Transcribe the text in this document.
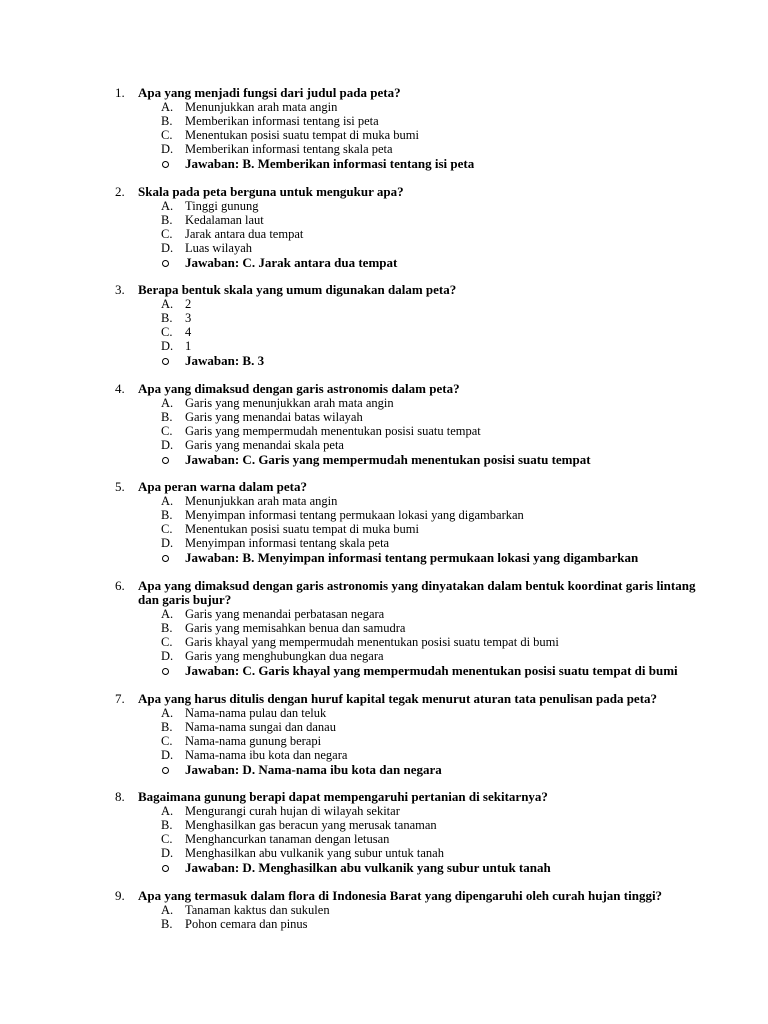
1. Apa yang menjadi fungsi dari judul pada peta?
A. Menunjukkan arah mata angin
B. Memberikan informasi tentang isi peta
C. Menentukan posisi suatu tempat di muka bumi
D. Memberikan informasi tentang skala peta
Jawaban: B. Memberikan informasi tentang isi peta
2. Skala pada peta berguna untuk mengukur apa?
A. Tinggi gunung
B. Kedalaman laut
C. Jarak antara dua tempat
D. Luas wilayah
Jawaban: C. Jarak antara dua tempat
3. Berapa bentuk skala yang umum digunakan dalam peta?
A. 2
B. 3
C. 4
D. 1
Jawaban: B. 3
4. Apa yang dimaksud dengan garis astronomis dalam peta?
A. Garis yang menunjukkan arah mata angin
B. Garis yang menandai batas wilayah
C. Garis yang mempermudah menentukan posisi suatu tempat
D. Garis yang menandai skala peta
Jawaban: C. Garis yang mempermudah menentukan posisi suatu tempat
5. Apa peran warna dalam peta?
A. Menunjukkan arah mata angin
B. Menyimpan informasi tentang permukaan lokasi yang digambarkan
C. Menentukan posisi suatu tempat di muka bumi
D. Menyimpan informasi tentang skala peta
Jawaban: B. Menyimpan informasi tentang permukaan lokasi yang digambarkan
6. Apa yang dimaksud dengan garis astronomis yang dinyatakan dalam bentuk koordinat garis lintang dan garis bujur?
A. Garis yang menandai perbatasan negara
B. Garis yang memisahkan benua dan samudra
C. Garis khayal yang mempermudah menentukan posisi suatu tempat di bumi
D. Garis yang menghubungkan dua negara
Jawaban: C. Garis khayal yang mempermudah menentukan posisi suatu tempat di bumi
7. Apa yang harus ditulis dengan huruf kapital tegak menurut aturan tata penulisan pada peta?
A. Nama-nama pulau dan teluk
B. Nama-nama sungai dan danau
C. Nama-nama gunung berapi
D. Nama-nama ibu kota dan negara
Jawaban: D. Nama-nama ibu kota dan negara
8. Bagaimana gunung berapi dapat mempengaruhi pertanian di sekitarnya?
A. Mengurangi curah hujan di wilayah sekitar
B. Menghasilkan gas beracun yang merusak tanaman
C. Menghancurkan tanaman dengan letusan
D. Menghasilkan abu vulkanik yang subur untuk tanah
Jawaban: D. Menghasilkan abu vulkanik yang subur untuk tanah
9. Apa yang termasuk dalam flora di Indonesia Barat yang dipengaruhi oleh curah hujan tinggi?
A. Tanaman kaktus dan sukulen
B. Pohon cemara dan pinus
